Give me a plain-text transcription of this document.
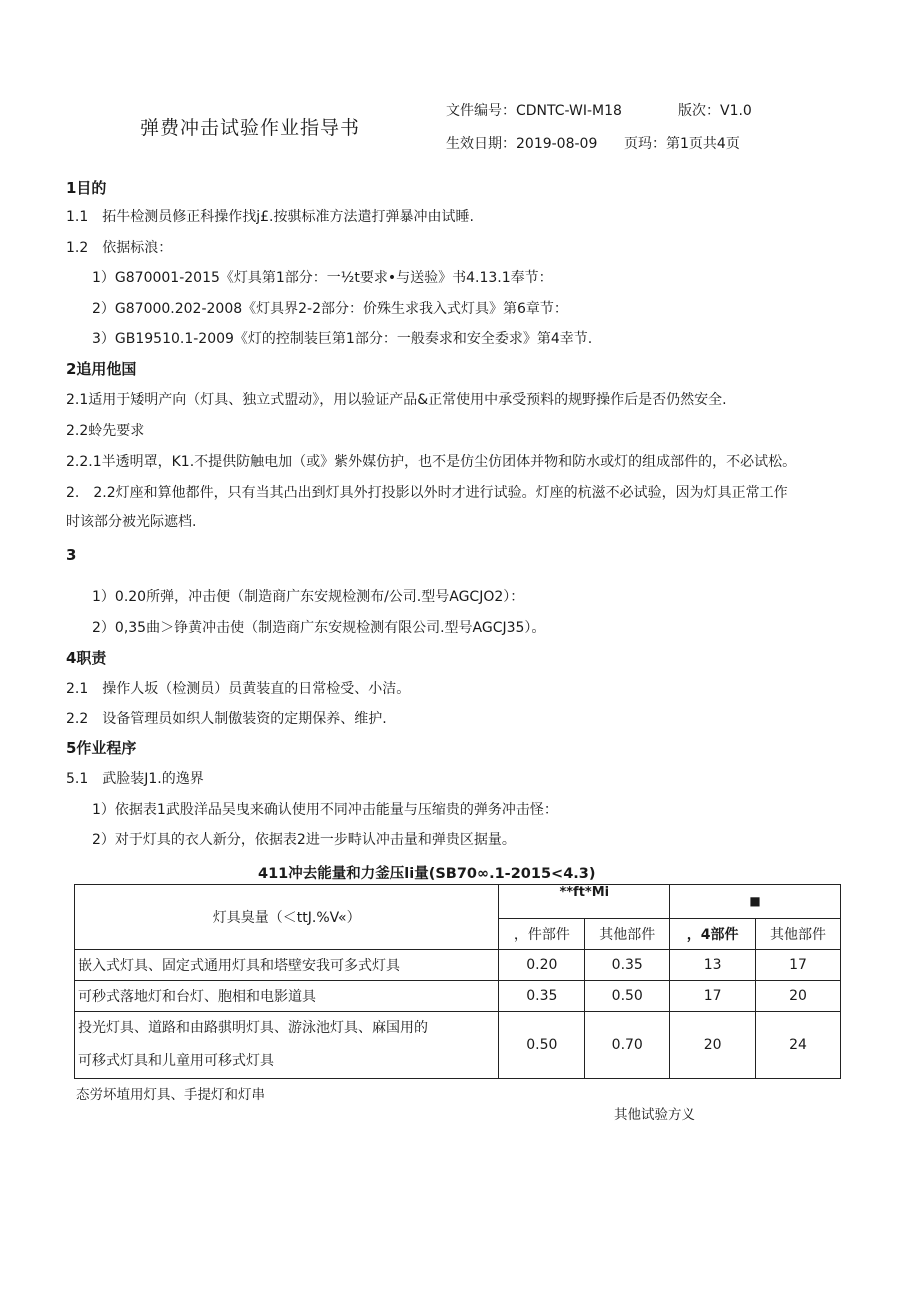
弹费冲击试验作业指导书
文件编号：CDNTC-WI-M18	版次：V1.0
生效日期：2019-08-09 页玛：第1页共4页
1目的
1.1　拓牛检测员修正科操作找j£.按骐标准方法遣打弹暴冲由试睡.
1.2　依据标浪：
1）G870001-2015《灯具第1部分：一½t要求•与送验》书4.13.1奉节：
2）G87000.202-2008《灯具界2-2部分：价殊生求我入式灯具》第6章节：
3）GB19510.1-2009《灯的控制装巨第1部分：一般奏求和安全委求》第4幸节.
2追用他国
2.1适用于矮明产向（灯具、独立式盟动》，用以验证产品&正常使用中承受预料的规野操作后是否仍然安全.
2.2蛉先要求
2.2.1半透明罩，K1.不提供防触电加（或》紫外媒仿护，也不是仿尘仿团体并物和防水或灯的组成部件的，不必试松。
2.　2.2灯座和算他都件，只有当其凸出到灯具外打投影以外时才进行试验。灯座的杭滋不必试验，因为灯具正常工作
时该部分被光际遮档.
3
1）0.20所弹，冲击便（制造商广东安规检测布/公司.型号AGCJO2）：
2）0,35曲＞铮黄冲击使（制造商广东安规检测有限公司.型号AGCJ35）。
4职责
2.1　操作人坂（检测员）员黄装直的日常检受、小洁。
2.2　设备管理员如织人制傲装资的定期保养、维护.
5作业程序
5.1　武脸装J1.的逸界
1）依据表1武股洋品吴曳来确认使用不同冲击能量与压缩贵的弹务冲击怪：
2）对于灯具的衣人新分，依据表2进一步畤认冲击量和弹贵区据量。
411冲去能量和力釜压li量(SB70∞.1-2015<4.3)
灯具臭量（＜ttJ.%V«）	**ft*Mi		■	
	，件部件	其他部件	，4部件	其他部件
嵌入式灯具、固定式通用灯具和塔壁安我可多式灯具	0.20	0.35	13	17
可秒式落地灯和台灯、胞相和电影道具	0.35	0.50	17	20

投光灯具、道路和由路骐明灯具、游泳池灯具、麻国用的
可移式灯具和儿童用可移式灯具	0.50	0.70	20	24
态労坏埴用灯具、手提灯和灯串
其他试验方义
